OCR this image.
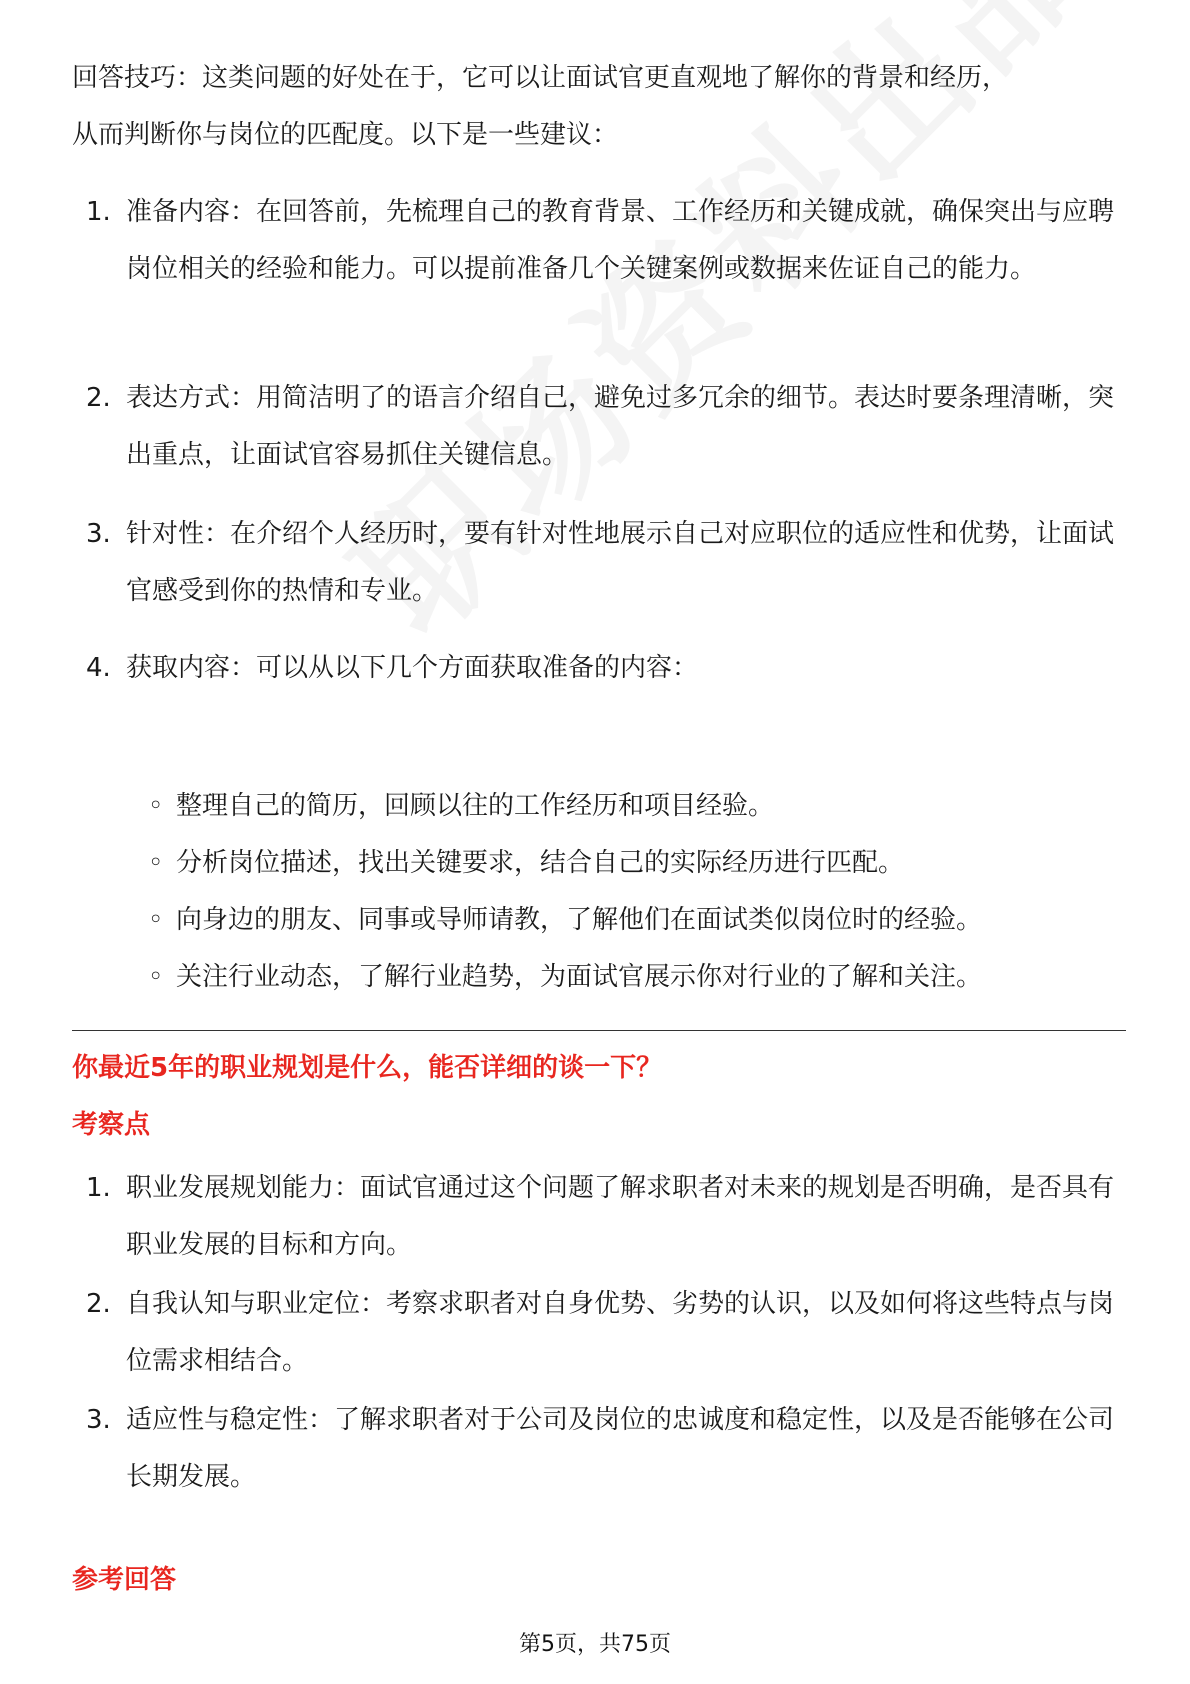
回答技巧：这类问题的好处在于，它可以让面试官更直观地了解你的背景和经历，
从而判断你与岗位的匹配度。以下是一些建议：
1. 准备内容：在回答前，先梳理自己的教育背景、工作经历和关键成就，确保突出与应聘岗位相关的经验和能力。可以提前准备几个关键案例或数据来佐证自己的能力。
2. 表达方式：用简洁明了的语言介绍自己，避免过多冗余的细节。表达时要条理清晰，突出重点，让面试官容易抓住关键信息。
3. 针对性：在介绍个人经历时，要有针对性地展示自己对应职位的适应性和优势，让面试官感受到你的热情和专业。
4. 获取内容：可以从以下几个方面获取准备的内容：
◦ 整理自己的简历，回顾以往的工作经历和项目经验。
◦ 分析岗位描述，找出关键要求，结合自己的实际经历进行匹配。
◦ 向身边的朋友、同事或导师请教，了解他们在面试类似岗位时的经验。
◦ 关注行业动态，了解行业趋势，为面试官展示你对行业的了解和关注。
你最近5年的职业规划是什么，能否详细的谈一下？
考察点
1. 职业发展规划能力：面试官通过这个问题了解求职者对未来的规划是否明确，是否具有职业发展的目标和方向。
2. 自我认知与职业定位：考察求职者对自身优势、劣势的认识，以及如何将这些特点与岗位需求相结合。
3. 适应性与稳定性：了解求职者对于公司及岗位的忠诚度和稳定性，以及是否能够在公司长期发展。
参考回答
第5页，共75页
